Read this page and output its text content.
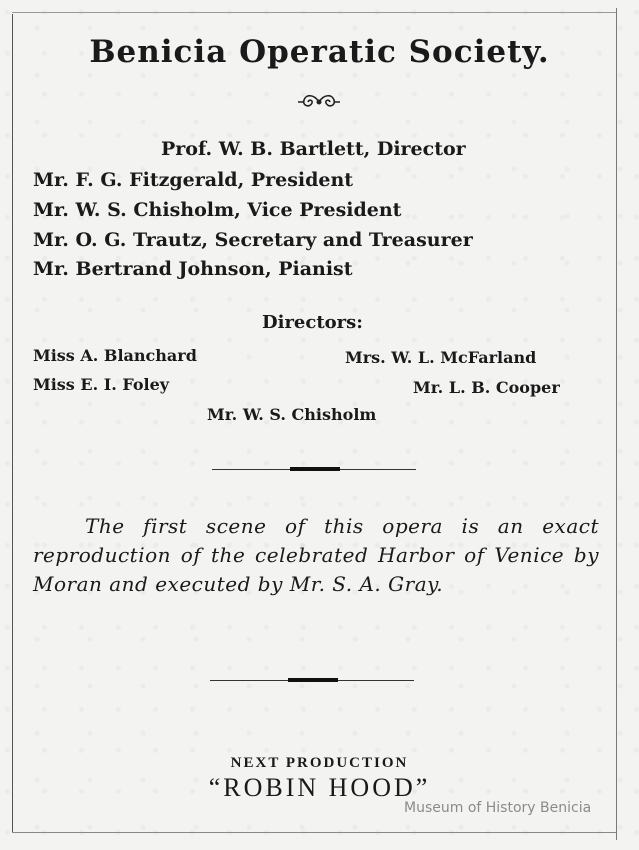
Benicia Operatic Society.
Prof. W. B. Bartlett, Director
Mr. F. G. Fitzgerald, President
Mr. W. S. Chisholm, Vice President
Mr. O. G. Trautz, Secretary and Treasurer
Mr. Bertrand Johnson, Pianist
Directors:
Miss A. Blanchard	Mrs. W. L. McFarland
Miss E. I. Foley	Mr. L. B. Cooper
Mr. W. S. Chisholm
The first scene of this opera is an exact reproduction of the celebrated Harbor of Venice by Moran and executed by Mr. S. A. Gray.
NEXT PRODUCTION
“ROBIN HOOD”
Museum of History Benicia
